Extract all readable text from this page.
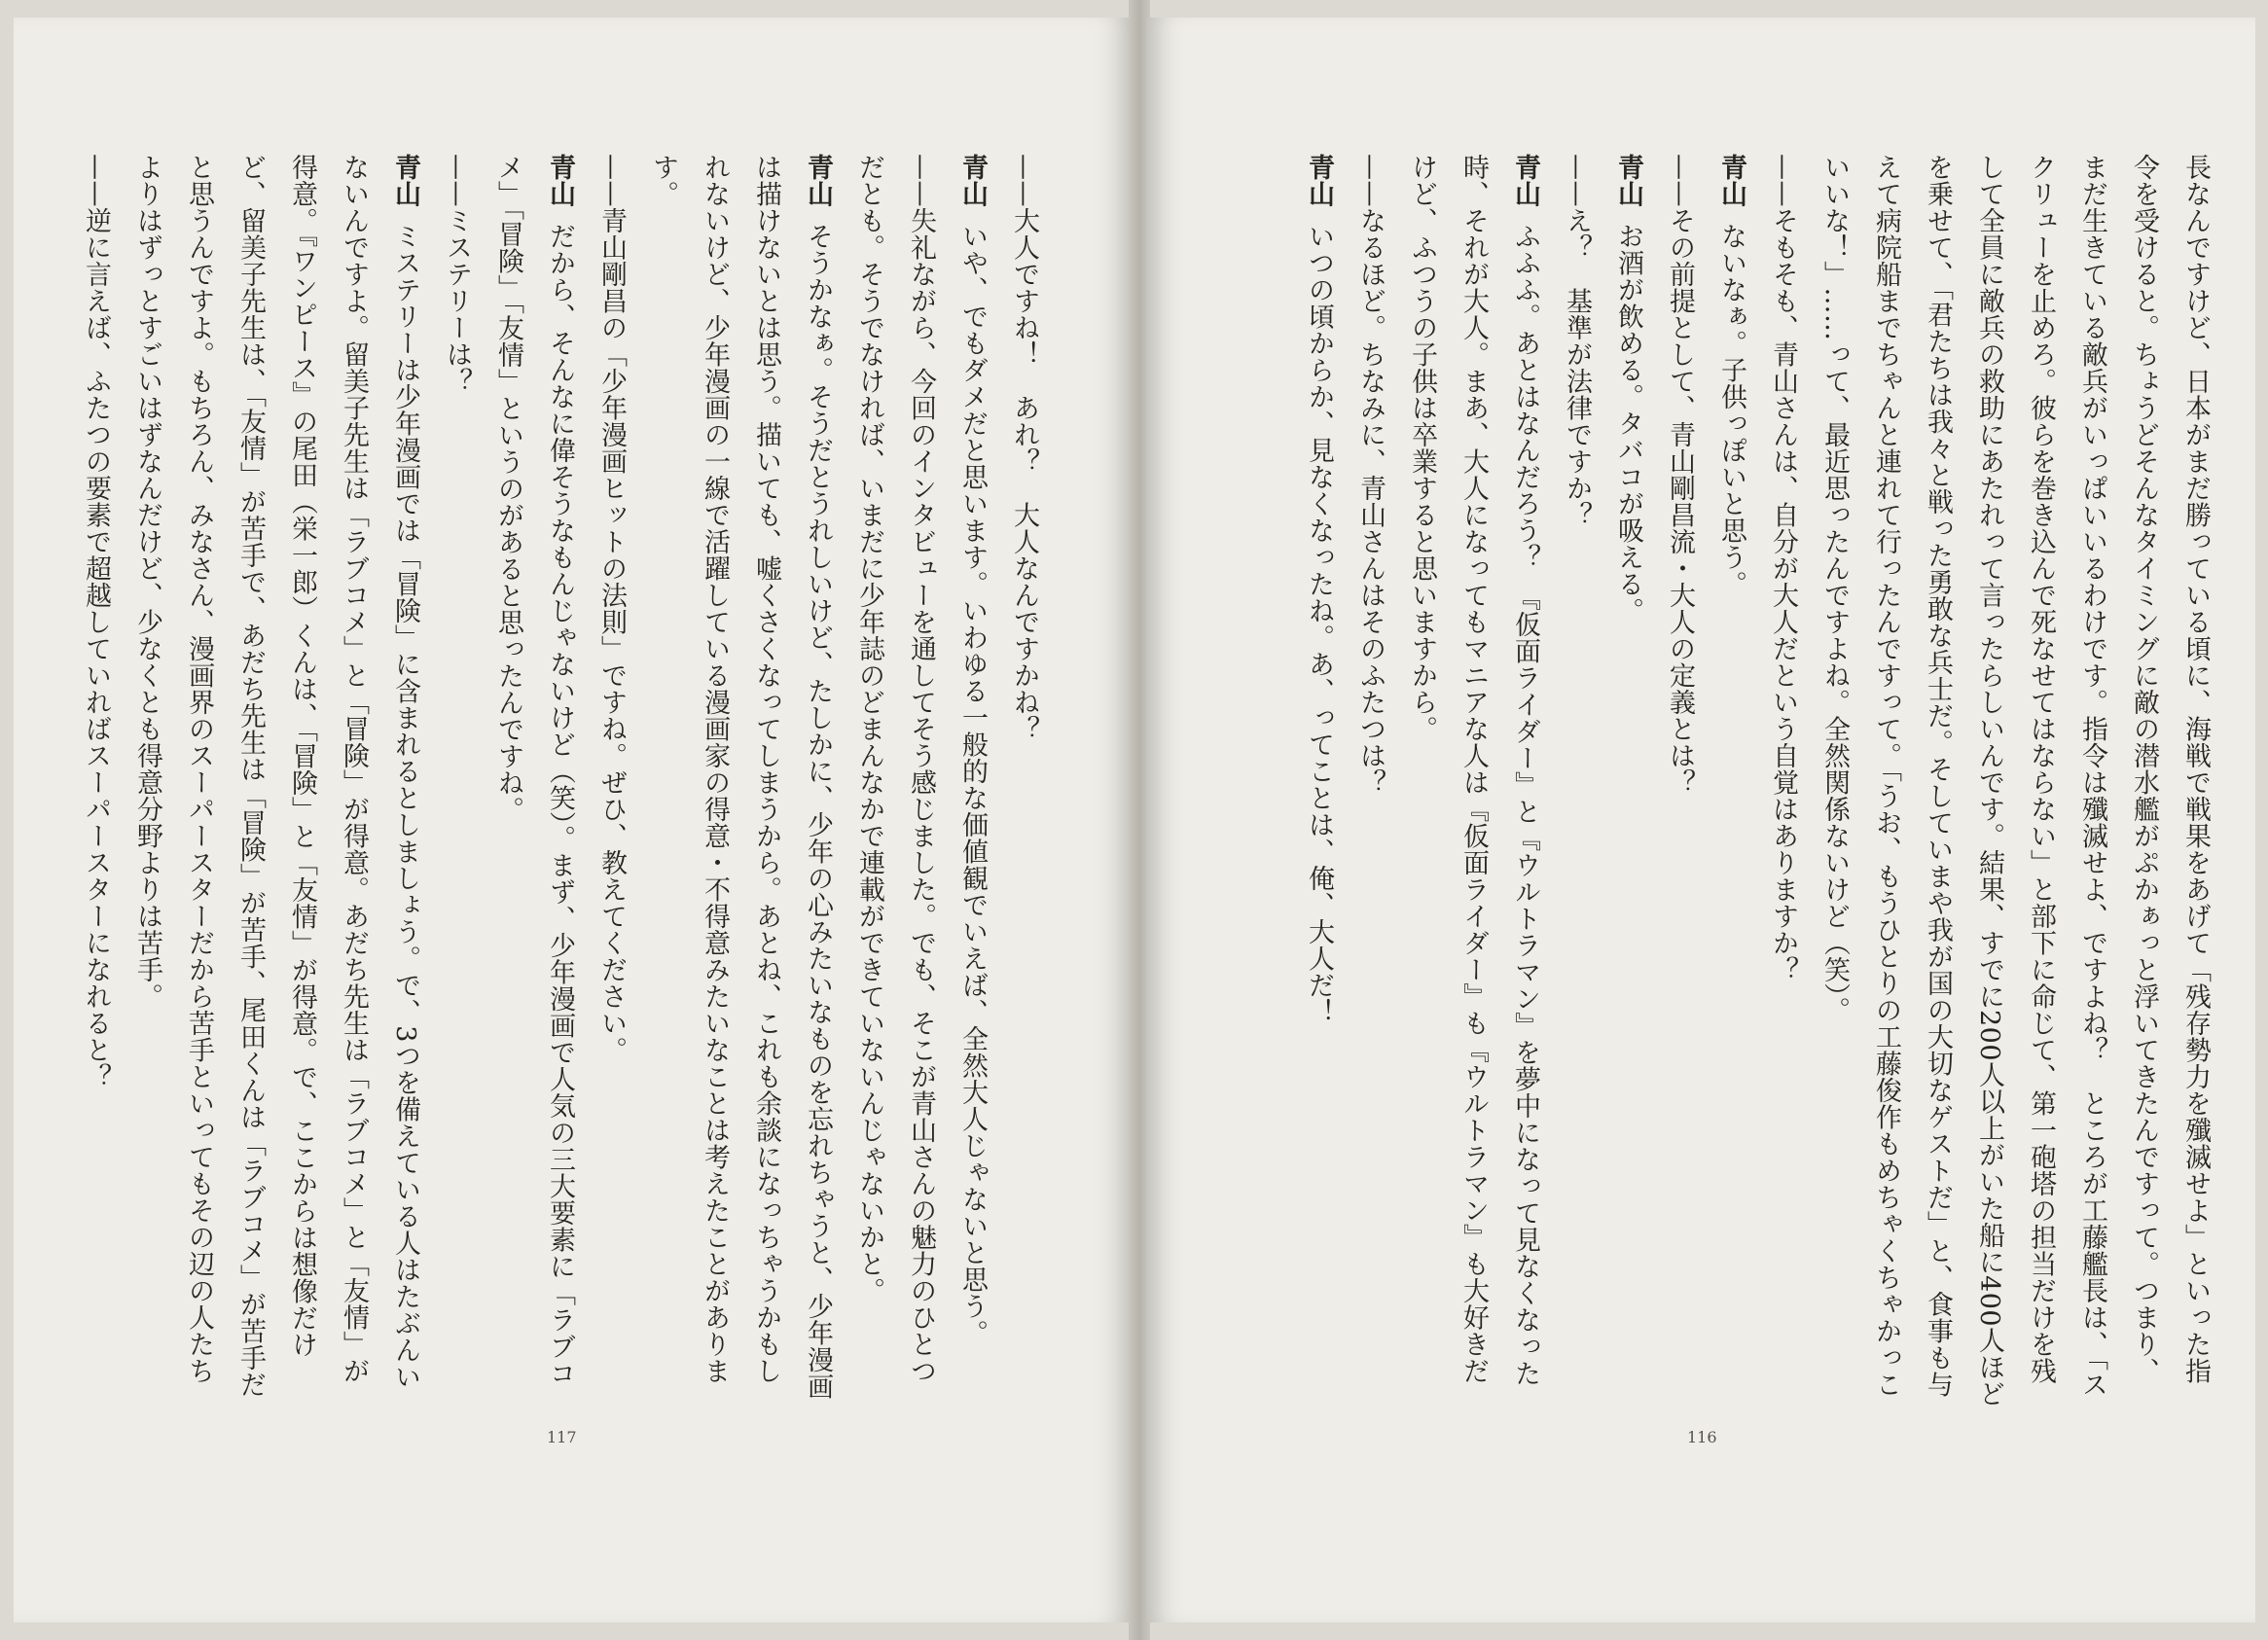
——大人ですね！　あれ？　大人なんですかね？

青山いや、でもダメだと思います。いわゆる一般的な価値観でいえば、全然大人じゃないと思う。

——失礼ながら、今回のインタビューを通してそう感じました。でも、そこが青山さんの魅力のひとつだとも。そうでなければ、いまだに少年誌のどまんなかで連載ができていないんじゃないかと。

青山そうかなぁ。そうだとうれしいけど、たしかに、少年の心みたいなものを忘れちゃうと、少年漫画は描けないとは思う。描いても、嘘くさくなってしまうから。あとね、これも余談になっちゃうかもしれないけど、少年漫画の一線で活躍している漫画家の得意・不得意みたいなことは考えたことがあります。

——青山剛昌の「少年漫画ヒットの法則」ですね。ぜひ、教えてください。

青山だから、そんなに偉そうなもんじゃないけど（笑）。まず、少年漫画で人気の三大要素に「ラブコメ」「冒険」「友情」というのがあると思ったんですね。

——ミステリーは？

青山ミステリーは少年漫画では「冒険」に含まれるとしましょう。で、3つを備えている人はたぶんいないんですよ。留美子先生は「ラブコメ」と「冒険」が得意。あだち先生は「ラブコメ」と「友情」が得意。『ワンピース』の尾田（栄一郎）くんは、「冒険」と「友情」が得意。で、ここからは想像だけど、留美子先生は、「友情」が苦手で、あだち先生は「冒険」が苦手、尾田くんは「ラブコメ」が苦手だと思うんですよ。もちろん、みなさん、漫画界のスーパースターだから苦手といってもその辺の人たちよりはずっとすごいはずなんだけど、少なくとも得意分野よりは苦手。

——逆に言えば、ふたつの要素で超越していればスーパースターになれると？

117

長なんですけど、日本がまだ勝っている頃に、海戦で戦果をあげて「残存勢力を殲滅せよ」といった指令を受けると。ちょうどそんなタイミングに敵の潜水艦がぷかぁっと浮いてきたんですって。つまり、まだ生きている敵兵がいっぱいいるわけです。指令は殲滅せよ、ですよね？　ところが工藤艦長は、「スクリューを止めろ。彼らを巻き込んで死なせてはならない」と部下に命じて、第一砲塔の担当だけを残して全員に敵兵の救助にあたれって言ったらしいんです。結果、すでに200人以上がいた船に400人ほどを乗せて、「君たちは我々と戦った勇敢な兵士だ。そしていまや我が国の大切なゲストだ」と、食事も与えて病院船までちゃんと連れて行ったんですって。「うお、もうひとりの工藤俊作もめちゃくちゃかっこいいな！」……って、最近思ったんですよね。全然関係ないけど（笑）。

——そもそも、青山さんは、自分が大人だという自覚はありますか？

青山ないなぁ。子供っぽいと思う。

——その前提として、青山剛昌流・大人の定義とは？

青山お酒が飲める。タバコが吸える。

——え？　基準が法律ですか？

青山ふふふ。あとはなんだろう？　『仮面ライダー』と『ウルトラマン』を夢中になって見なくなった時、それが大人。まあ、大人になってもマニアな人は『仮面ライダー』も『ウルトラマン』も大好きだけど、ふつうの子供は卒業すると思いますから。

——なるほど。ちなみに、青山さんはそのふたつは？

青山いつの頃からか、見なくなったね。あ、ってことは、俺、大人だ！

116
